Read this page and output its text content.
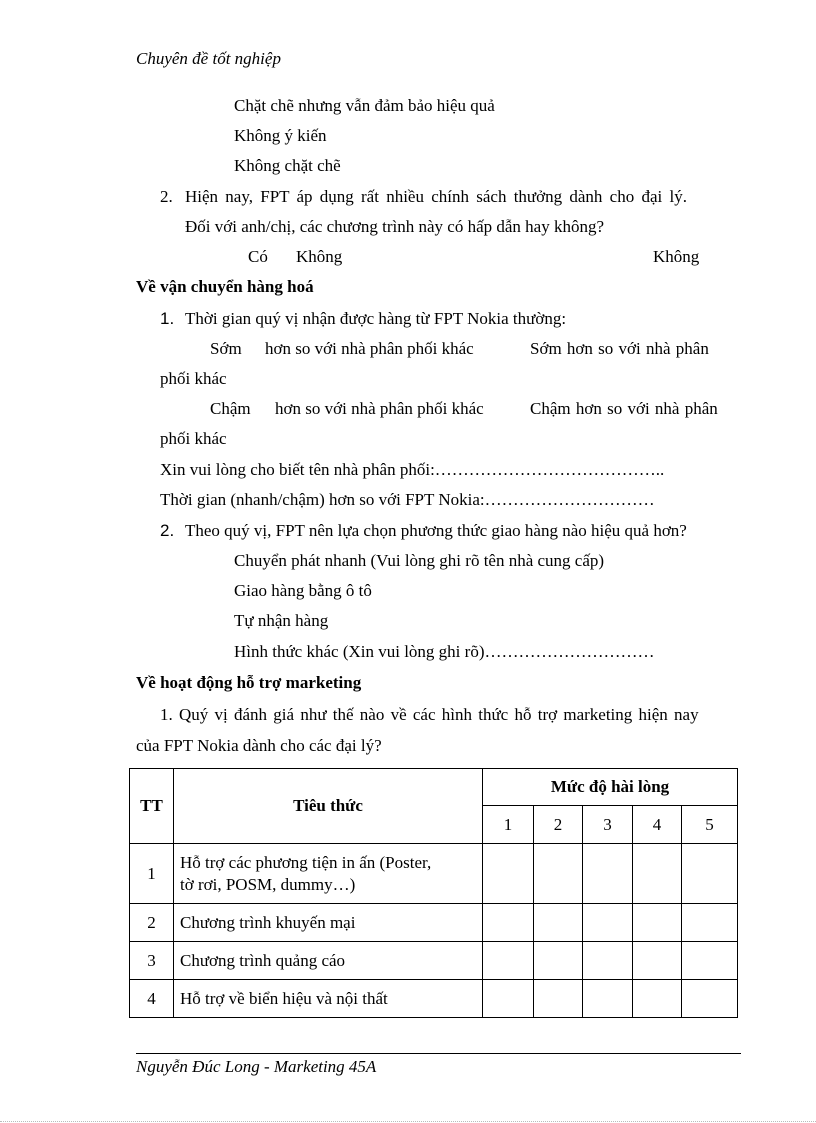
Chuyên đề tốt nghiệp
Chặt chẽ nhưng vẫn đảm bảo hiệu quả
Không ý kiến
Không chặt chẽ
2. Hiện nay, FPT áp dụng rất nhiều chính sách thưởng dành cho đại lý.
Đối với anh/chị, các chương trình này có hấp dẫn hay không?
Có Không	Không
Về vận chuyển hàng hoá
1. Thời gian quý vị nhận được hàng từ FPT Nokia thường:
Sớm hơn so với nhà phân phối khác	Sớm hơn so với nhà phân
phối khác
Chậm hơn so với nhà phân phối khác	Chậm hơn so với nhà phân
phối khác
Xin vui lòng cho biết tên nhà phân phối:…………………………………..
Thời gian (nhanh/chậm) hơn so với FPT Nokia:…………………………
2. Theo quý vị, FPT nên lựa chọn phương thức giao hàng nào hiệu quả hơn?
Chuyển phát nhanh (Vui lòng ghi rõ tên nhà cung cấp)
Giao hàng bằng ô tô
Tự nhận hàng
Hình thức khác (Xin vui lòng ghi rõ)…………………………
Về hoạt động hỗ trợ marketing
1. Quý vị đánh giá như thế nào về các hình thức hỗ trợ marketing hiện nay
của FPT Nokia dành cho các đại lý?
TT	Tiêu thức	Mức độ hài lòng				
		1	2	3	4	5
1	Hỗ trợ các phương tiện in ấn (Poster,
tờ rơi, POSM, dummy…)					

2	Chương trình khuyến mại					
3	Chương trình quảng cáo					
4	Hỗ trợ về biển hiệu và nội thất					
Nguyễn Đúc Long - Marketing 45A
